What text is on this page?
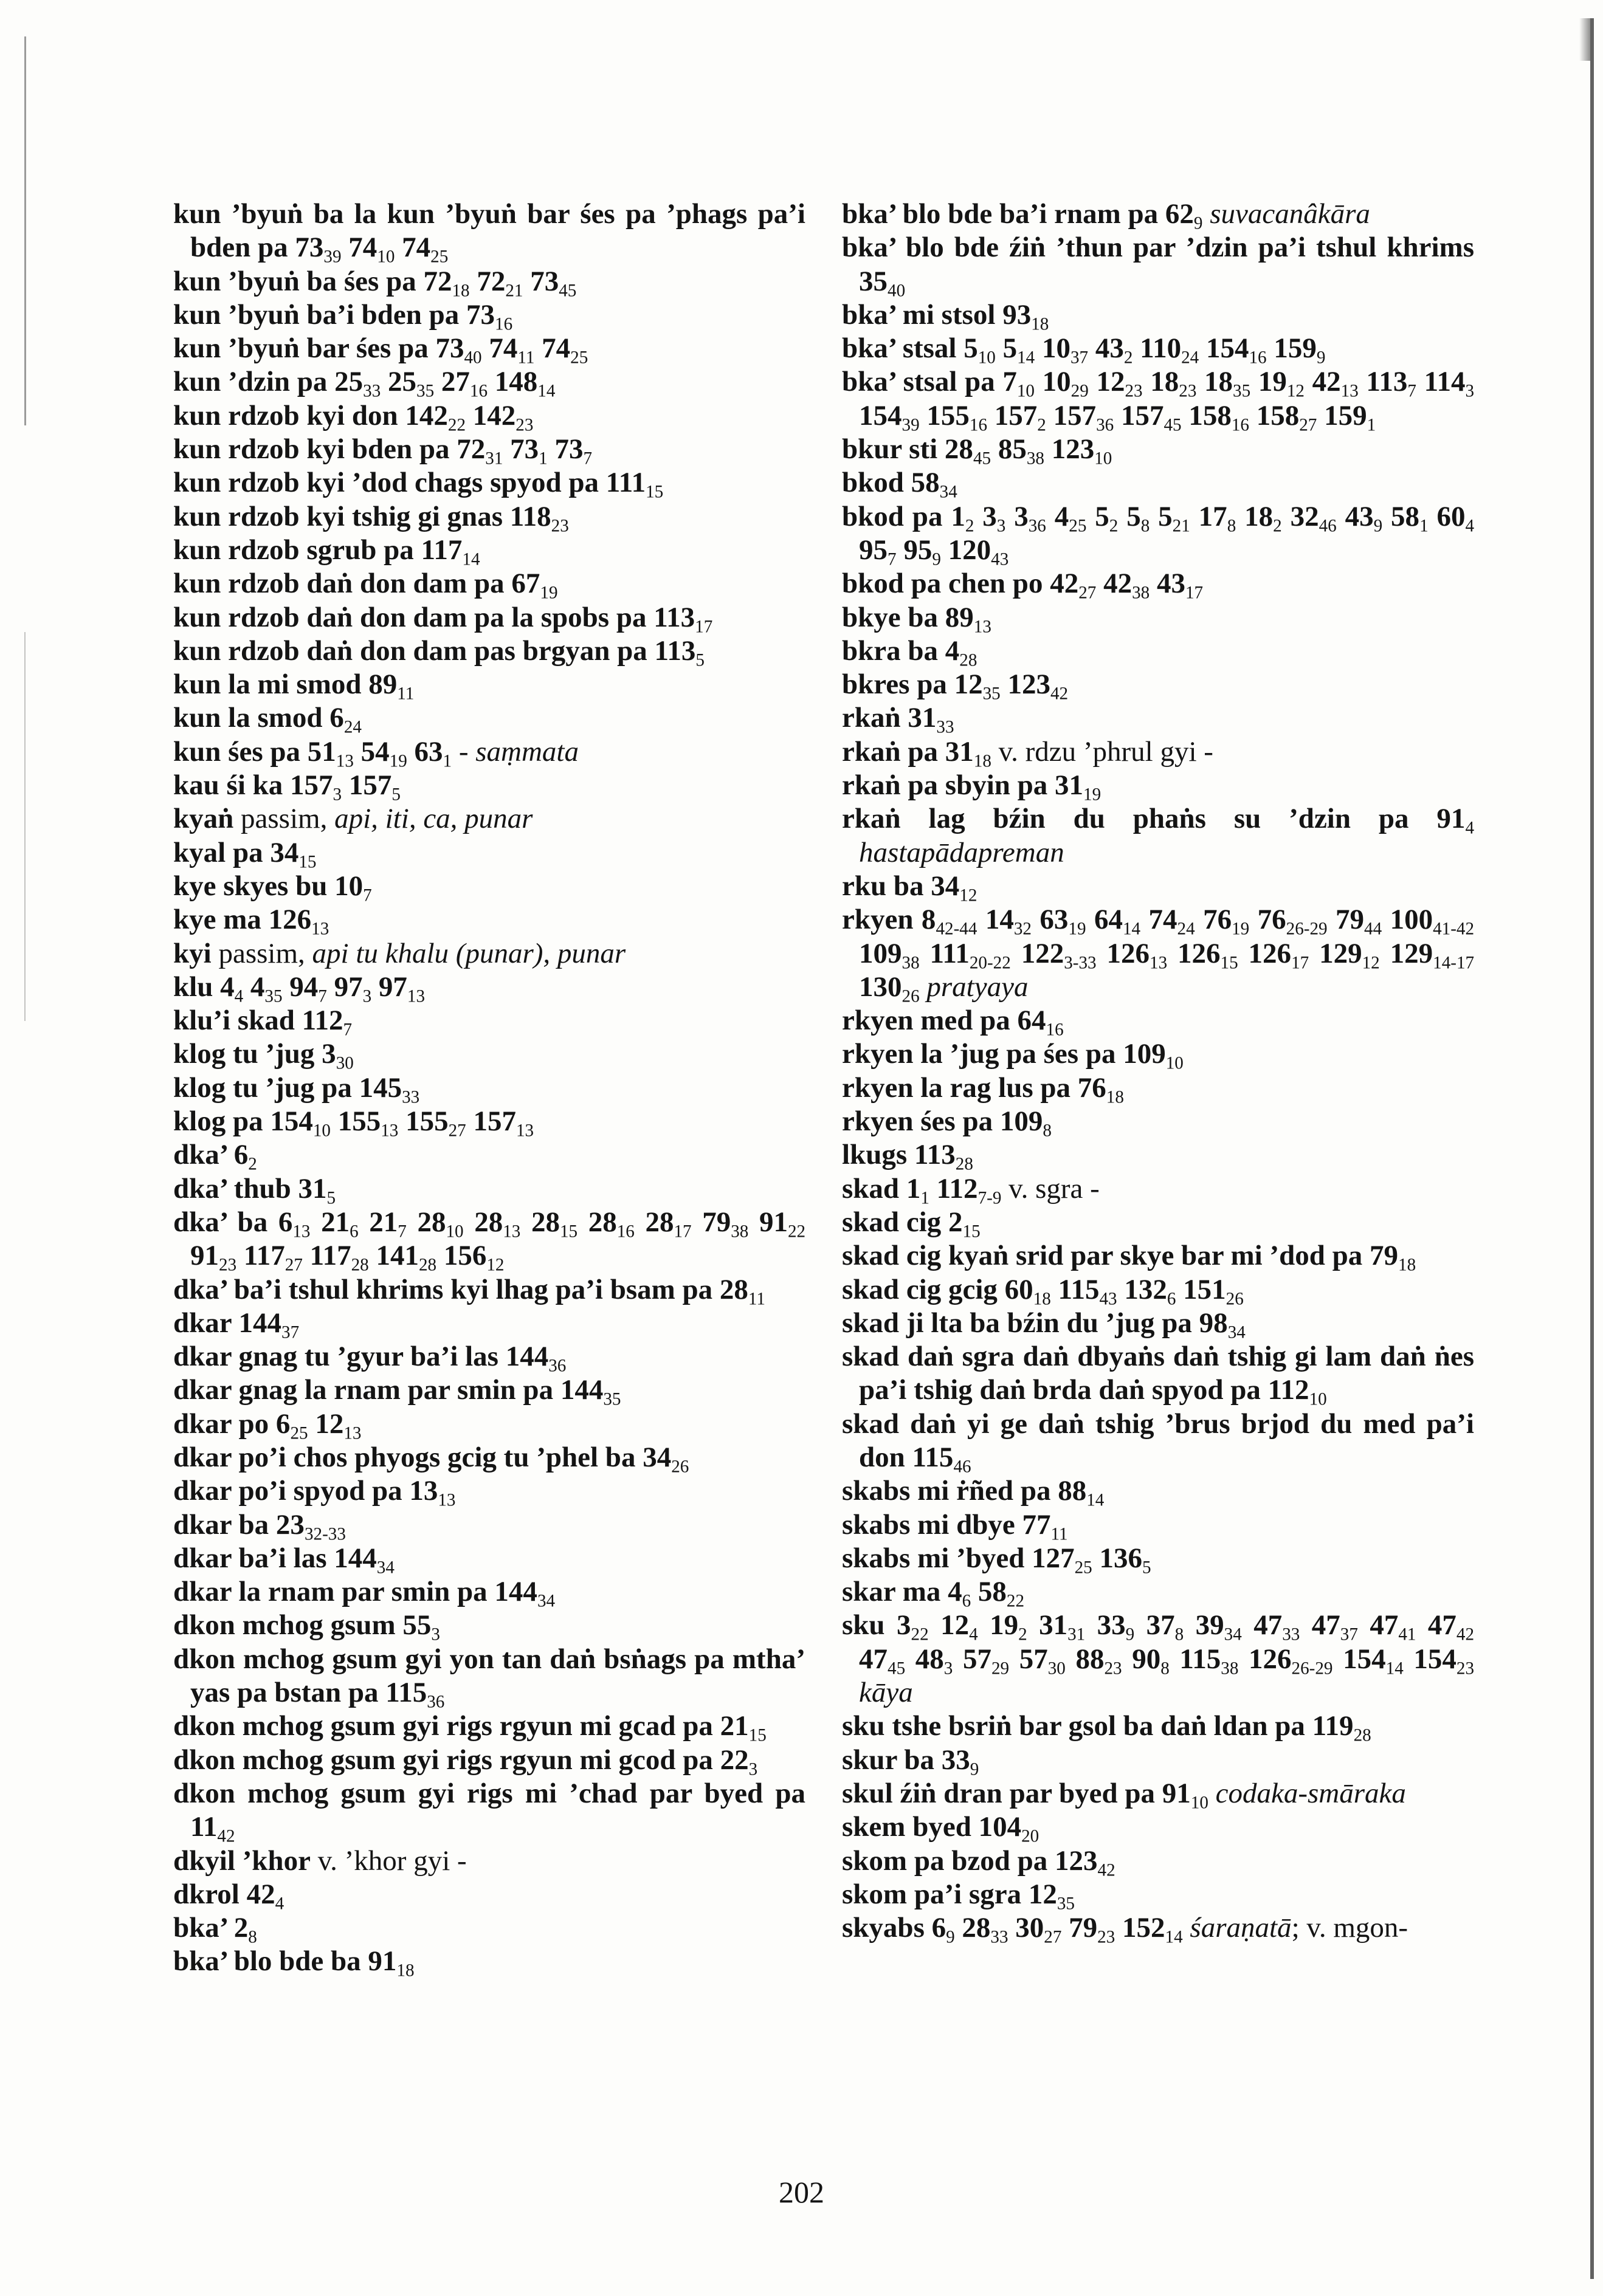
kun ’byuṅ ba la kun ’byuṅ bar śes pa ’phags pa’i bden pa $73_{39}$ $74_{10}$ $74_{25}$
kun ’byuṅ ba śes pa $72_{18}$ $72_{21}$ $73_{45}$
kun ’byuṅ ba’i bden pa $73_{16}$
kun ’byuṅ bar śes pa $73_{40}$ $74_{11}$ $74_{25}$
kun ’dzin pa $25_{33}$ $25_{35}$ $27_{16}$ $148_{14}$
kun rdzob kyi don $142_{22}$ $142_{23}$
kun rdzob kyi bden pa $72_{31}$ $73_1$ $73_7$
kun rdzob kyi ’dod chags spyod pa $111_{15}$
kun rdzob kyi tshig gi gnas $118_{23}$
kun rdzob sgrub pa $117_{14}$
kun rdzob daṅ don dam pa $67_{19}$
kun rdzob daṅ don dam pa la spobs pa $113_{17}$
kun rdzob daṅ don dam pas brgyan pa $113_5$
kun la mi smod $89_{11}$
kun la smod $6_{24}$
kun śes pa $51_{13}$ $54_{19}$ $63_1$ - saṃmata
kau śi ka $157_3$ $157_5$
kyaṅ passim, api, iti, ca, punar
kyal pa $34_{15}$
kye skyes bu $10_7$
kye ma $126_{13}$
kyi passim, api tu khalu (punar), punar
klu $4_4$ $4_{35}$ $94_7$ $97_3$ $97_{13}$
klu’i skad $112_7$
klog tu ’jug $3_{30}$
klog tu ’jug pa $145_{33}$
klog pa $154_{10}$ $155_{13}$ $155_{27}$ $157_{13}$
dka’ $6_2$
dka’ thub $31_5$
dka’ ba $6_{13}$ $21_6$ $21_7$ $28_{10}$ $28_{13}$ $28_{15}$ $28_{16}$ $28_{17}$ $79_{38}$ $91_{22}$ $91_{23}$ $117_{27}$ $117_{28}$ $141_{28}$ $156_{12}$
dka’ ba’i tshul khrims kyi lhag pa’i bsam pa $28_{11}$
dkar $144_{37}$
dkar gnag tu ’gyur ba’i las $144_{36}$
dkar gnag la rnam par smin pa $144_{35}$
dkar po $6_{25}$ $12_{13}$
dkar po’i chos phyogs gcig tu ’phel ba $34_{26}$
dkar po’i spyod pa $13_{13}$
dkar ba $23_{32-33}$
dkar ba’i las $144_{34}$
dkar la rnam par smin pa $144_{34}$
dkon mchog gsum $55_3$
dkon mchog gsum gyi yon tan daṅ bsṅags pa mtha’ yas pa bstan pa $115_{36}$
dkon mchog gsum gyi rigs rgyun mi gcad pa $21_{15}$
dkon mchog gsum gyi rigs rgyun mi gcod pa $22_3$
dkon mchog gsum gyi rigs mi ’chad par byed pa $11_{42}$
dkyil ’khor v. ’khor gyi -
dkrol $42_4$
bka’ $2_8$
bka’ blo bde ba $91_{18}$
bka’ blo bde ba’i rnam pa $62_9$ suvacanâkāra
bka’ blo bde źiṅ ’thun par ’dzin pa’i tshul khrims $35_{40}$
bka’ mi stsol $93_{18}$
bka’ stsal $5_{10}$ $5_{14}$ $10_{37}$ $43_2$ $110_{24}$ $154_{16}$ $159_9$
bka’ stsal pa $7_{10}$ $10_{29}$ $12_{23}$ $18_{23}$ $18_{35}$ $19_{12}$ $42_{13}$ $113_7$ $114_3$ $154_{39}$ $155_{16}$ $157_2$ $157_{36}$ $157_{45}$ $158_{16}$ $158_{27}$ $159_1$
bkur sti $28_{45}$ $85_{38}$ $123_{10}$
bkod $58_{34}$
bkod pa $1_2$ $3_3$ $3_{36}$ $4_{25}$ $5_2$ $5_8$ $5_{21}$ $17_8$ $18_2$ $32_{46}$ $43_9$ $58_1$ $60_4$ $95_7$ $95_9$ $120_{43}$
bkod pa chen po $42_{27}$ $42_{38}$ $43_{17}$
bkye ba $89_{13}$
bkra ba $4_{28}$
bkres pa $12_{35}$ $123_{42}$
rkaṅ $31_{33}$
rkaṅ pa $31_{18}$ v. rdzu ’phrul gyi -
rkaṅ pa sbyin pa $31_{19}$
rkaṅ lag bźin du phaṅs su ’dzin pa $91_4$ hastapādapreman
rku ba $34_{12}$
rkyen $8_{42-44}$ $14_{32}$ $63_{19}$ $64_{14}$ $74_{24}$ $76_{19}$ $76_{26-29}$ $79_{44}$ $100_{41-42}$ $109_{38}$ $111_{20-22}$ $122_{3-33}$ $126_{13}$ $126_{15}$ $126_{17}$ $129_{12}$ $129_{14-17}$ $130_{26}$ pratyaya
rkyen med pa $64_{16}$
rkyen la ’jug pa śes pa $109_{10}$
rkyen la rag lus pa $76_{18}$
rkyen śes pa $109_8$
lkugs $113_{28}$
skad $1_1$ $112_{7-9}$ v. sgra -
skad cig $2_{15}$
skad cig kyaṅ srid par skye bar mi ’dod pa $79_{18}$
skad cig gcig $60_{18}$ $115_{43}$ $132_6$ $151_{26}$
skad ji lta ba bźin du ’jug pa $98_{34}$
skad daṅ sgra daṅ dbyaṅs daṅ tshig gi lam daṅ ṅes pa’i tshig daṅ brda daṅ spyod pa $112_{10}$
skad daṅ yi ge daṅ tshig ’brus brjod du med pa’i don $115_{46}$
skabs mi ṙñed pa $88_{14}$
skabs mi dbye $77_{11}$
skabs mi ’byed $127_{25}$ $136_5$
skar ma $4_6$ $58_{22}$
sku $3_{22}$ $12_4$ $19_2$ $31_{31}$ $33_9$ $37_8$ $39_{34}$ $47_{33}$ $47_{37}$ $47_{41}$ $47_{42}$ $47_{45}$ $48_3$ $57_{29}$ $57_{30}$ $88_{23}$ $90_8$ $115_{38}$ $126_{26-29}$ $154_{14}$ $154_{23}$ kāya
sku tshe bsriṅ bar gsol ba daṅ ldan pa $119_{28}$
skur ba $33_9$
skul źiṅ dran par byed pa $91_{10}$ codaka-smāraka
skem byed $104_{20}$
skom pa bzod pa $123_{42}$
skom pa’i sgra $12_{35}$
skyabs $6_9$ $28_{33}$ $30_{27}$ $79_{23}$ $152_{14}$ śaraṇatā; v. mgon-
202
